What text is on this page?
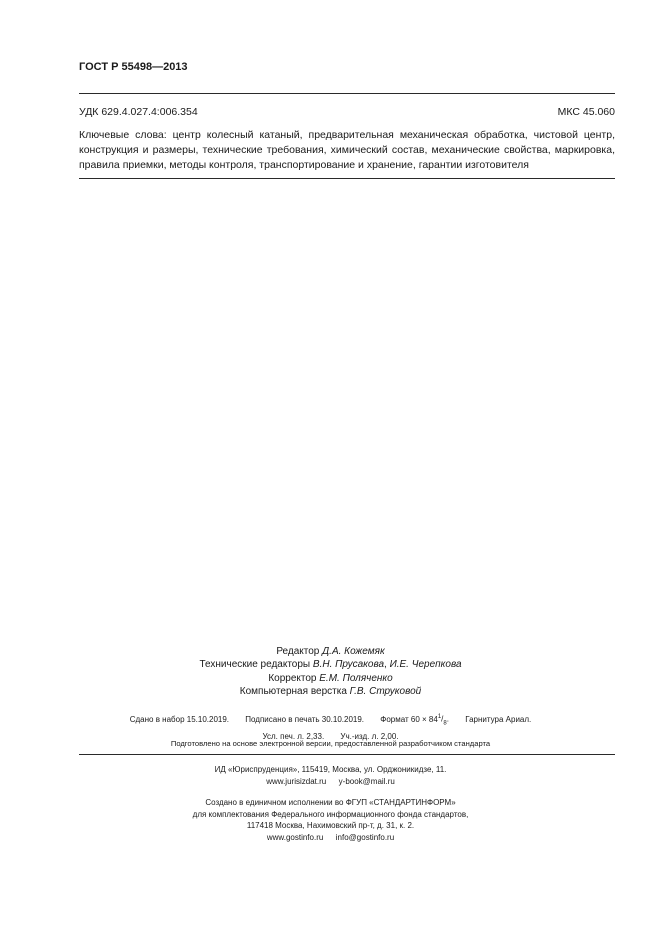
ГОСТ Р 55498—2013
УДК 629.4.027.4:006.354	МКС 45.060
Ключевые слова: центр колесный катаный, предварительная механическая обработка, чистовой центр, конструкция и размеры, технические требования, химический состав, механические свойства, маркировка, правила приемки, методы контроля, транспортирование и хранение, гарантии изготовителя
Редактор Д.А. Кожемяк
Технические редакторы В.Н. Прусакова, И.Е. Черепкова
Корректор Е.М. Поляченко
Компьютерная верстка Г.В. Струковой
Сдано в набор 15.10.2019. Подписано в печать 30.10.2019. Формат $60 \times 84^1/_8$. Гарнитура Ариал.
Усл. печ. л. 2,33. Уч.-изд. л. 2,00.
Подготовлено на основе электронной версии, предоставленной разработчиком стандарта
ИД «Юриспруденция», 115419, Москва, ул. Орджоникидзе, 11.
www.jurisizdat.ru y-book@mail.ru
Создано в единичном исполнении во ФГУП «СТАНДАРТИНФОРМ»
для комплектования Федерального информационного фонда стандартов,
117418 Москва, Нахимовский пр-т, д. 31, к. 2.
www.gostinfo.ru info@gostinfo.ru
